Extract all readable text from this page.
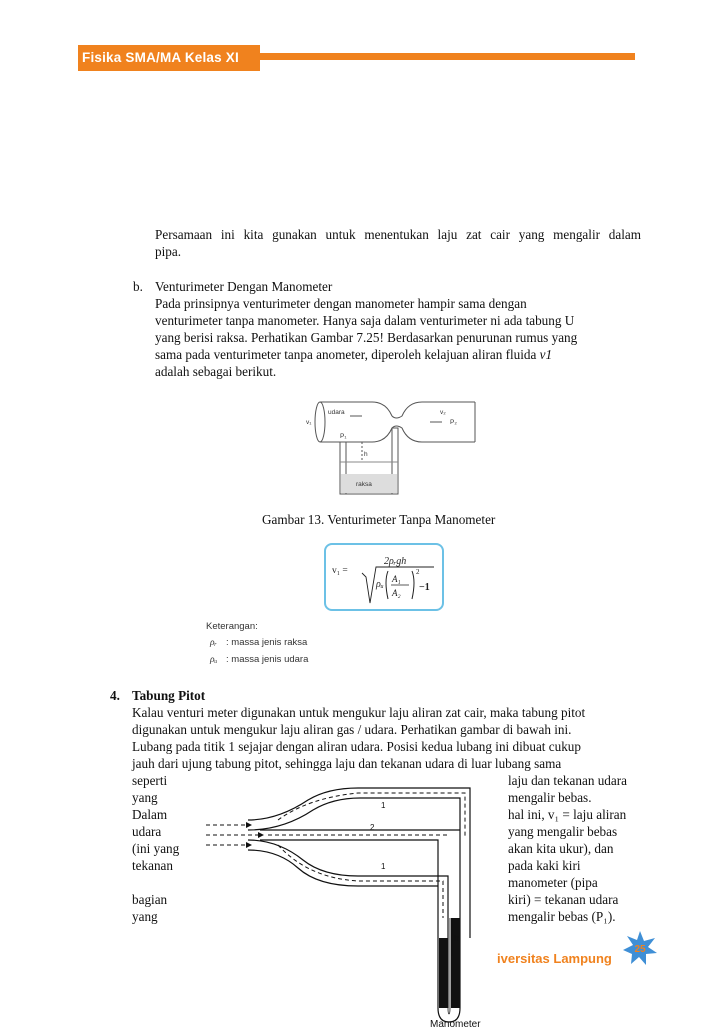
Fisika SMA/MA Kelas XI
Persamaan ini kita gunakan untuk menentukan laju zat cair yang mengalir dalam
pipa.
b. Venturimeter Dengan Manometer
Pada prinsipnya venturimeter dengan manometer hampir sama dengan
venturimeter tanpa manometer. Hanya saja dalam venturimeter ni ada tabung U
yang berisi raksa. Perhatikan Gambar 7.25! Berdasarkan penurunan rumus yang
sama pada venturimeter tanpa anometer, diperoleh kelajuan aliran fluida v1
adalah sebagai berikut.
udara
v₁
P₁
h
raksa
P₂
v₂
Gambar 13. Venturimeter Tanpa Manometer
v₁ =
2ρᵣgh
ρᵤ A₁
A₂
2
−1
Keterangan:
ρᵣ : massa jenis raksa
ρᵤ : massa jenis udara
4. Tabung Pitot
Kalau venturi meter digunakan untuk mengukur laju aliran zat cair, maka tabung pitot
digunakan untuk mengukur laju aliran gas / udara. Perhatikan gambar di bawah ini.
Lubang pada titik 1 sejajar dengan aliran udara. Posisi kedua lubang ini dibuat cukup
jauh dari ujung tabung pitot, sehingga laju dan tekanan udara di luar lubang sama
seperti
yang
Dalam
udara
(ini yang
tekanan
bagian
yang
laju dan tekanan udara
mengalir bebas.
hal ini, v₁ = laju aliran
yang mengalir bebas
akan kita ukur), dan
pada kaki kiri
manometer (pipa
kiri) = tekanan udara
mengalir bebas (P₁).
h
1
2
1
Manometer
iversitas Lampung
25
